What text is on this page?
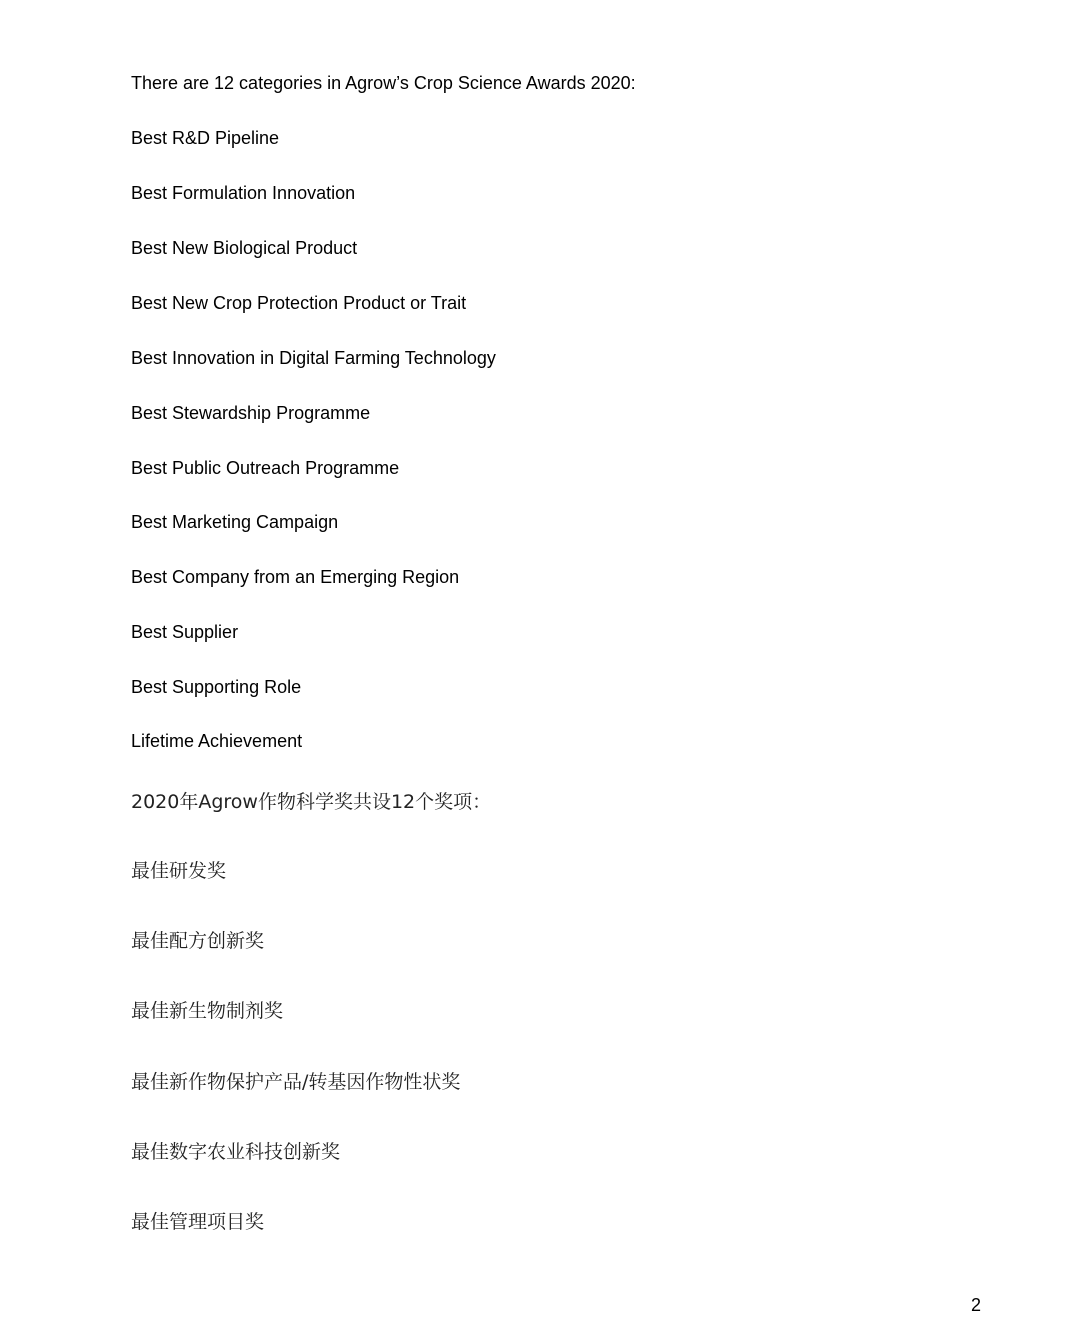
There are 12 categories in Agrow’s Crop Science Awards 2020:
Best R&D Pipeline
Best Formulation Innovation
Best New Biological Product
Best New Crop Protection Product or Trait
Best Innovation in Digital Farming Technology
Best Stewardship Programme
Best Public Outreach Programme
Best Marketing Campaign
Best Company from an Emerging Region
Best Supplier
Best Supporting Role
Lifetime Achievement
2020年Agrow作物科学奖共设12个奖项：
最佳研发奖
最佳配方创新奖
最佳新生物制剂奖
最佳新作物保护产品/转基因作物性状奖
最佳数字农业科技创新奖
最佳管理项目奖
2
